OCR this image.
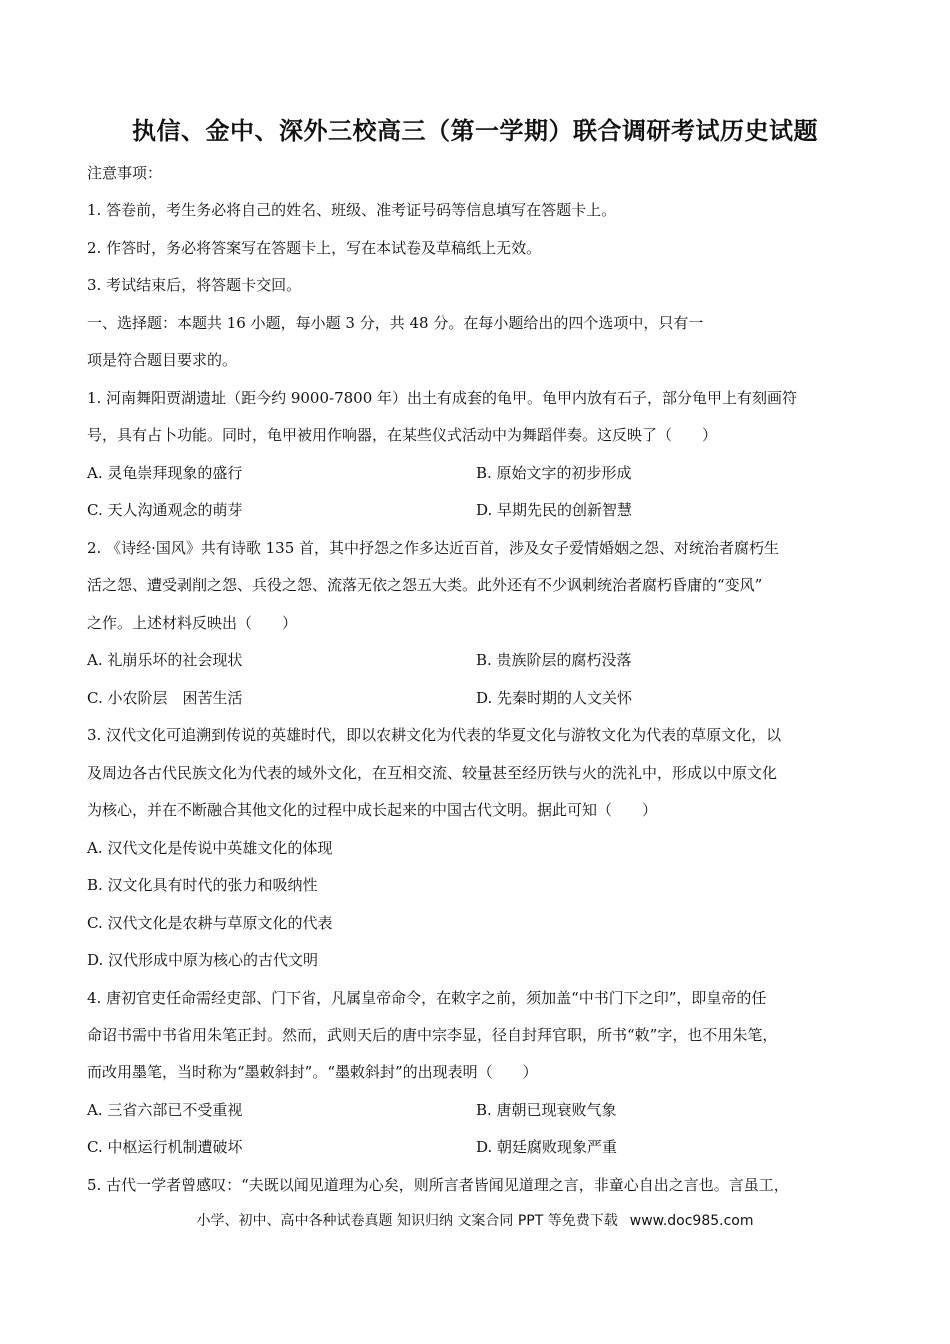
执信、金中、深外三校高三（第一学期）联合调研考试历史试题
注意事项：
1. 答卷前，考生务必将自己的姓名、班级、准考证号码等信息填写在答题卡上。
2. 作答时，务必将答案写在答题卡上，写在本试卷及草稿纸上无效。
3. 考试结束后，将答题卡交回。
一、选择题：本题共 16 小题，每小题 3 分，共 48 分。在每小题给出的四个选项中，只有一
项是符合题目要求的。
1. 河南舞阳贾湖遗址（距今约 9000-7800 年）出土有成套的龟甲。龟甲内放有石子，部分龟甲上有刻画符
号，具有占卜功能。同时，龟甲被用作响器，在某些仪式活动中为舞蹈伴奏。这反映了（　　）
A. 灵龟崇拜现象的盛行	B. 原始文字的初步形成
C. 天人沟通观念的萌芽	D. 早期先民的创新智慧
2. 《诗经·国风》共有诗歌 135 首，其中抒怨之作多达近百首，涉及女子爱情婚姻之怨、对统治者腐朽生
活之怨、遭受剥削之怨、兵役之怨、流落无依之怨五大类。此外还有不少讽刺统治者腐朽昏庸的“变风”
之作。上述材料反映出（　　）
A. 礼崩乐坏的社会现状	B. 贵族阶层的腐朽没落
C. 小农阶层　困苦生活	D. 先秦时期的人文关怀
3. 汉代文化可追溯到传说的英雄时代，即以农耕文化为代表的华夏文化与游牧文化为代表的草原文化，以
及周边各古代民族文化为代表的域外文化，在互相交流、较量甚至经历铁与火的洗礼中，形成以中原文化
为核心，并在不断融合其他文化的过程中成长起来的中国古代文明。据此可知（　　）
A. 汉代文化是传说中英雄文化的体现
B. 汉文化具有时代的张力和吸纳性
C. 汉代文化是农耕与草原文化的代表
D. 汉代形成中原为核心的古代文明
4. 唐初官吏任命需经吏部、门下省，凡属皇帝命令，在敕字之前，须加盖“中书门下之印”，即皇帝的任
命诏书需中书省用朱笔正封。然而，武则天后的唐中宗李显，径自封拜官职，所书“敕”字，也不用朱笔，
而改用墨笔，当时称为“墨敕斜封”。“墨敕斜封”的出现表明（　　）
A. 三省六部已不受重视	B. 唐朝已现衰败气象
C. 中枢运行机制遭破坏	D. 朝廷腐败现象严重
5. 古代一学者曾感叹：“夫既以闻见道理为心矣，则所言者皆闻见道理之言，非童心自出之言也。言虽工，
小学、初中、高中各种试卷真题 知识归纳 文案合同 PPT 等免费下载 www.doc985.com
